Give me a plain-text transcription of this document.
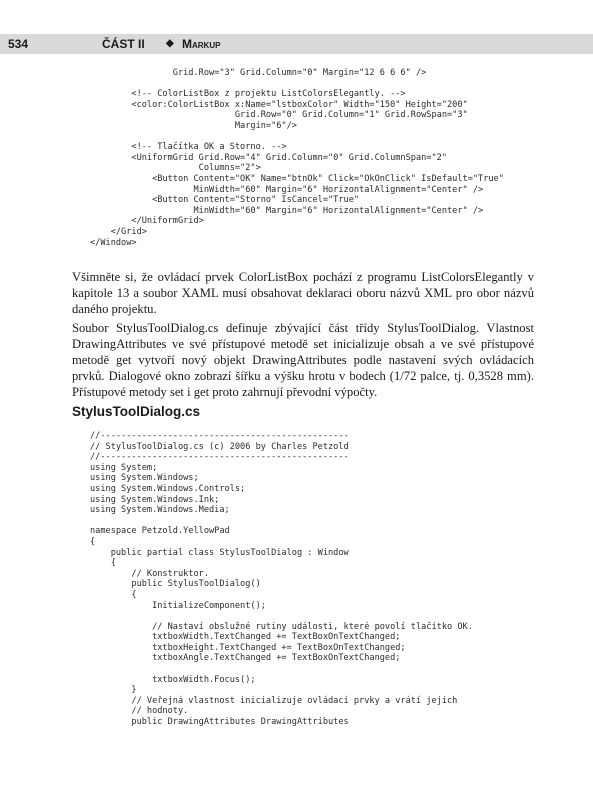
534	ČÁST II ◆ Markup
Grid.Row="3" Grid.Column="0" Margin="12 6 6 6" />

<!-- ColorListBox z projektu ListColorsElegantly. -->
<color:ColorListBox x:Name="lstboxColor" Width="150" Height="200"
Grid.Row="0" Grid.Column="1" Grid.RowSpan="3"
Margin="6"/>

<!-- Tlačítka OK a Storno. -->
<UniformGrid Grid.Row="4" Grid.Column="0" Grid.ColumnSpan="2"
Columns="2">
<Button Content="OK" Name="btnOk" Click="OkOnClick" IsDefault="True"
MinWidth="60" Margin="6" HorizontalAlignment="Center" />
<Button Content="Storno" IsCancel="True"
MinWidth="60" Margin="6" HorizontalAlignment="Center" />
</UniformGrid>
</Grid>
</Window>

Všimněte si, že ovládací prvek ColorListBox pochází z programu ListColorsElegantly v kapitole 13 a soubor XAML musí obsahovat deklaraci oboru názvů XML pro obor názvů daného projektu.

Soubor StylusToolDialog.cs definuje zbývající část třídy StylusToolDialog. Vlastnost DrawingAttributes ve své přístupové metodě set inicializuje obsah a ve své přístupové metodě get vytvoří nový objekt DrawingAttributes podle nastavení svých ovládacích prvků. Dialogové okno zobrazí šířku a výšku hrotu v bodech (1/72 palce, tj. 0,3528 mm). Přístupové metody set i get proto zahrnují převodní výpočty.

StylusToolDialog.cs
//------------------------------------------------
// StylusToolDialog.cs (c) 2006 by Charles Petzold
//------------------------------------------------
using System;
using System.Windows;
using System.Windows.Controls;
using System.Windows.Ink;
using System.Windows.Media;

namespace Petzold.YellowPad
{
public partial class StylusToolDialog : Window
{
// Konstruktor.
public StylusToolDialog()
{
InitializeComponent();

// Nastaví obslužné rutiny události, které povolí tlačítko OK.
txtboxWidth.TextChanged += TextBoxOnTextChanged;
txtboxHeight.TextChanged += TextBoxOnTextChanged;
txtboxAngle.TextChanged += TextBoxOnTextChanged;

txtboxWidth.Focus();
}
// Veřejná vlastnost inicializuje ovládací prvky a vrátí jejich
// hodnoty.
public DrawingAttributes DrawingAttributes
